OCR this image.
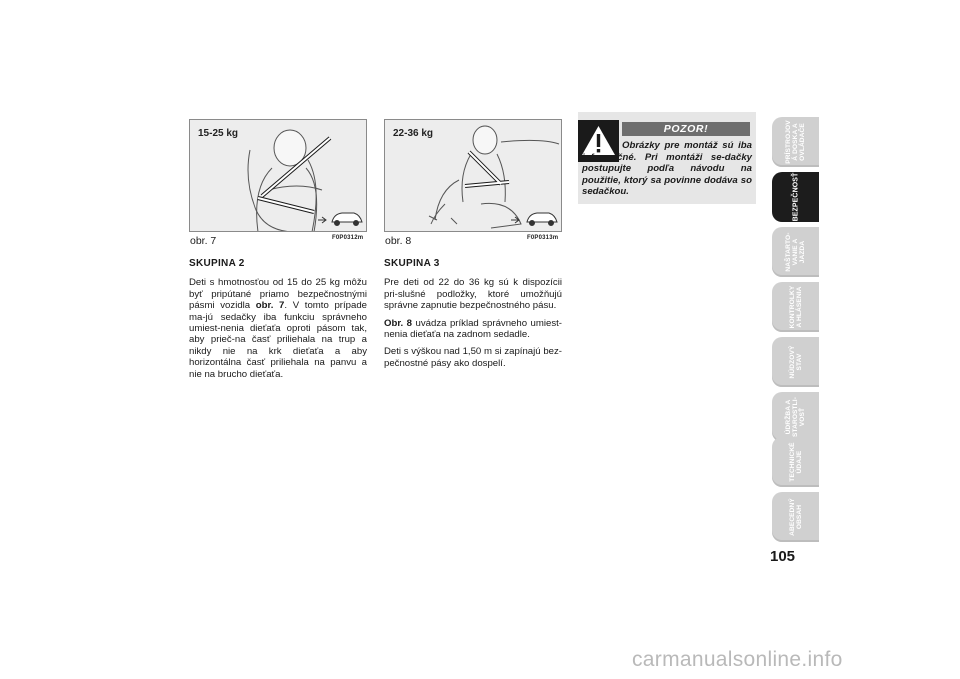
15-25 kg
obr. 7	F0P0312m
22-36 kg
obr. 8	F0P0313m
SKUPINA 2

Deti s hmotnosťou od 15 do 25 kg môžu byť pripútané priamo bezpečnostnými pásmi vozidla obr. 7. V tomto prípade ma-jú sedačky iba funkciu správneho umiest-nenia dieťaťa oproti pásom tak, aby prieč-na časť priliehala na trup a nikdy nie na krk dieťaťa a aby horizontálna časť priliehala na panvu a nie na brucho dieťaťa.

SKUPINA 3

Pre deti od 22 do 36 kg sú k dispozícii pri-slušné podložky, ktoré umožňujú správne zapnutie bezpečnostného pásu.

Obr. 8 uvádza príklad správneho umiest-nenia dieťaťa na zadnom sedadle.

Deti s výškou nad 1,50 m si zapínajú bez-pečnostné pásy ako dospelí.

POZOR!
Obrázky pre montáž sú iba informačné. Pri montáži se-dačky postupujte podľa návodu na použitie, ktorý sa povinne dodáva so sedačkou.
PRÍSTROJOV
Á DOSKA A
OVLÁDAČE
BEZPEČNOSŤ
NAŠTARTO-
VANIE A
JAZDA
KONTROLKY
A HLÁSENIA
NÚDZOVÝ
STAV
ÚDRŽBA A
STAROSTLI-
VOSŤ
TECHNICKÉ
ÚDAJE
ABECEDNÝ
OBSAH
105
carmanualsonline.info
